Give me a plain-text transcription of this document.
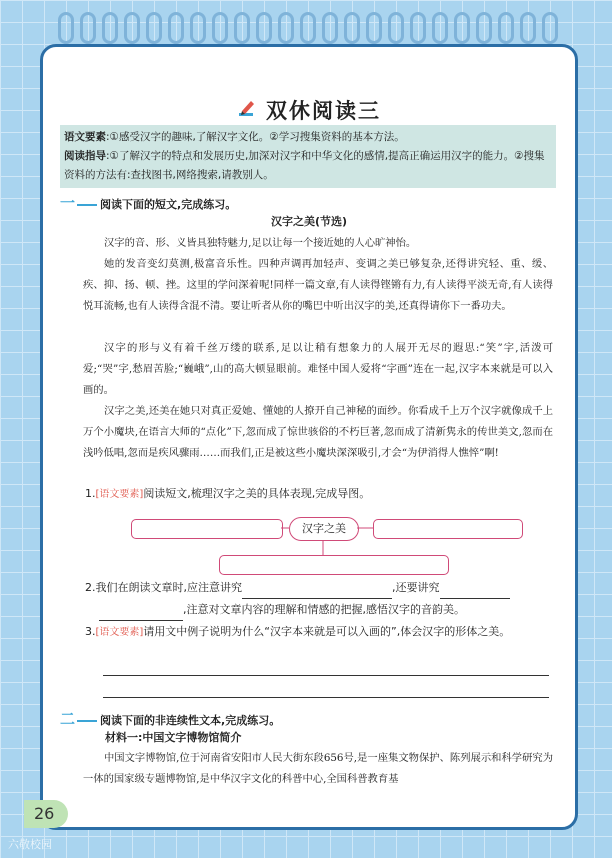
双休阅读三
语文要素:①感受汉字的趣味,了解汉字文化。②学习搜集资料的基本方法。
阅读指导:①了解汉字的特点和发展历史,加深对汉字和中华文化的感情,提高正确运用汉字的能力。②搜集资料的方法有:查找图书,网络搜索,请教别人。
一 阅读下面的短文,完成练习。
汉字之美(节选)
汉字的音、形、义皆具独特魅力,足以让每一个接近她的人心旷神怡。
她的发音变幻莫测,极富音乐性。四种声调再加轻声、变调之美已够复杂,还得讲究轻、重、缓、疾、抑、扬、顿、挫。这里的学问深着呢!同样一篇文章,有人读得铿锵有力,有人读得平淡无奇,有人读得悦耳流畅,也有人读得含混不清。要让听者从你的嘴巴中听出汉字的美,还真得请你下一番功夫。
汉字的形与义有着千丝万缕的联系,足以让稍有想象力的人展开无尽的遐思:“笑”字,活泼可爱;“哭”字,愁眉苦脸;“巍峨”,山的高大顿显眼前。难怪中国人爱将“字画”连在一起,汉字本来就是可以入画的。
汉字之美,还美在她只对真正爱她、懂她的人撩开自己神秘的面纱。你看成千上万个汉字就像成千上万个小魔块,在语言大师的“点化”下,忽而成了惊世骇俗的不朽巨著,忽而成了清新隽永的传世美文,忽而在浅吟低唱,忽而是疾风骤雨……而我们,正是被这些小魔块深深吸引,才会“为伊消得人憔悴”啊!
1.[语文要素]阅读短文,梳理汉字之美的具体表现,完成导图。
汉字之美
2.我们在朗读文章时,应注意讲究	,还要讲究
,注意对文章内容的理解和情感的把握,感悟汉字的音韵美。
3.[语文要素]请用文中例子说明为什么“汉字本来就是可以入画的”,体会汉字的形体之美。
二 阅读下面的非连续性文本,完成练习。
材料一:中国文字博物馆简介
中国文字博物馆,位于河南省安阳市人民大街东段656号,是一座集文物保护、陈列展示和科学研究为一体的国家级专题博物馆,是中华汉字文化的科普中心,全国科普教育基
26
六敬校园
